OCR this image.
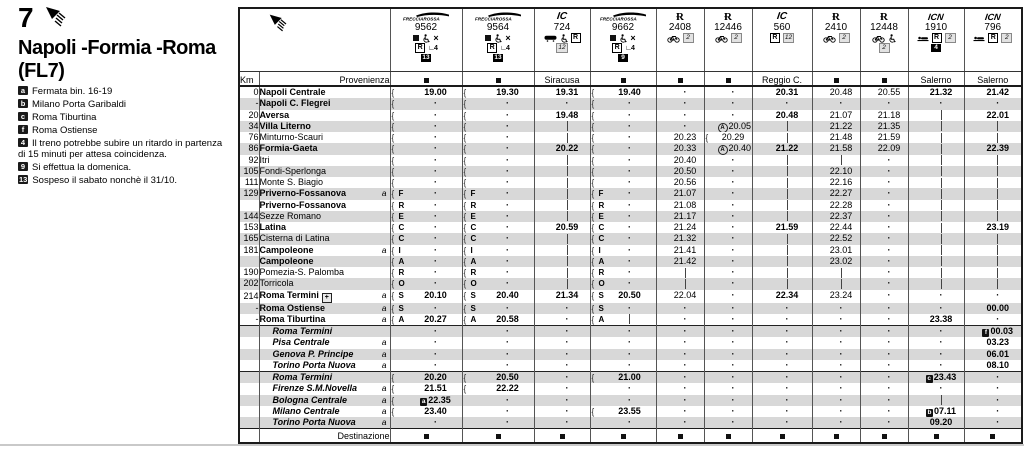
7
Napoli -Formia -Roma
(FL7)
a Fermata bin. 16-19
b Milano Porta Garibaldi
c Roma Tiburtina
f Roma Ostiense
4 Il treno potrebbe subire un ritardo in partenza di 15 minuti per attesa coincidenza.
9 Si effettua la domenica.
13 Sospeso il sabato nonchè il 31/10.

FRECCIAROSSA
9562
×
R ∟4
13

FRECCIAROSSA
9564
×
R ∟4
13

IC
724
R
12

FRECCIAROSSA
9662
×
R ∟4
9

Ɍ
2408
2

Ɍ
12446
2

IC
560
R	12

Ɍ
2410
2

Ɍ
12448
2

ICN
1910
R	2
4

ICN
796
R	2

Km	Provenienza			Siracusa				Reggio C.			Salerno	Salerno
0	Napoli Centrale	{ 19.00	{ 19.30	19.31	{ 19.40	·	·	20.31	20.48	20.55	21.32	21.42

-	Napoli C. Flegrei	{ ·	{ ·	·	{ ·	·	·	·	·	·	·	·

20	Aversa	{ ·	{ ·	19.48	{ ·	·	·	20.48	21.07	21.18		22.01

34	Villa Literno	{ ·	{ ·		{ ·	·	A 20.05		21.22	21.35		

76	Minturno-Scauri	{ ·	{ ·		{ ·	20.23	{ 20.29		21.48	21.59		

86	Formia-Gaeta	{ ·	{ ·	20.22	{ ·	20.33	A 20.40	21.22	21.58	22.09		22.39

92	Itri	{ ·	{ ·		{ ·	20.40	·			·		

105	Fondi-Sperlonga	{ ·	{ ·		{ ·	20.50	·		22.10	·		

111	Monte S. Biagio	{ ·	{ ·		{ ·	20.56	·		22.16	·		

129	Priverno-Fossanova a	{ F ·	{ F ·		{ F ·	21.07	·		22.27	·		

	Priverno-Fossanova	{ R ·	{ R ·		{ R ·	21.08	·		22.28	·		

144	Sezze Romano	{ E ·	{ E ·		{ E ·	21.17	·		22.37	·		

153	Latina	{ C ·	{ C ·	20.59	{ C ·	21.24	·	21.59	22.44	·		23.19

165	Cisterna di Latina	{ C ·	{ C ·		{ C ·	21.32	·		22.52	·		

181	Campoleone a	{ I ·	{ I ·		{ I ·	21.41	·		23.01	·		

	Campoleone	{ A ·	{ A ·		{ A ·	21.42	·		23.02	·		

190	Pomezia-S. Palomba	{ R ·	{ R ·		{ R ·		·			·		

202	Torricola	{ O ·	{ O ·		{ O ·		·			·		

214	Roma Termini + a	{ S 20.10	{ S 20.40	21.34	{ S 20.50	22.04	·	22.34	23.24	·	·	·

-	Roma Ostiense a	{ S ·	{ S ·	·	{ S ·	·	·	·	·	·	·	00.00

-	Roma Tiburtina a	{ A 20.27	{ A 20.58	·	{ A	·	·	·	·	·	23.38	·

	Roma Termini	·	·	·	·	·	·	·	·	·	·	f 00.03

	Pisa Centrale a	·	·	·	·	·	·	·	·	·	·	03.23

	Genova P. Principe a	·	·	·	·	·	·	·	·	·	·	06.01

	Torino Porta Nuova a	·	·	·	·	·	·	·	·	·	·	08.10

	Roma Termini	{ 20.20	{ 20.50	·	{ 21.00	·	·	·	·	·	c 23.43	·

	Firenze S.M.Novella a	{ 21.51	{ 22.22	·	·	·	·	·	·	·	·	·

	Bologna Centrale a	{ a 22.35	·	·	·	·	·	·	·	·		·

	Milano Centrale a	{ 23.40	·	·	{ 23.55	·	·	·	·	·	b 07.11	·

	Torino Porta Nuova a	·	·	·	·	·	·	·	·	·	09.20	·

	Destinazione											
